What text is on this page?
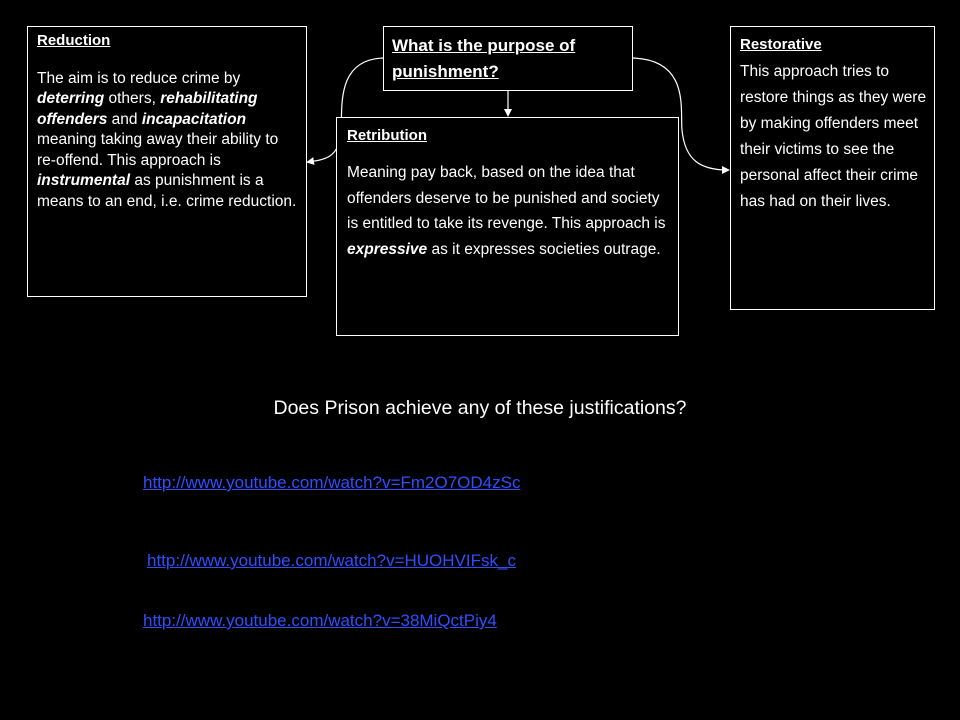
Reduction
The aim is to reduce crime by deterring others, rehabilitating offenders and incapacitation meaning taking away their ability to re-offend. This approach is instrumental as punishment is a means to an end, i.e. crime reduction.
What is the purpose of punishment?
Retribution
Meaning pay back, based on the idea that offenders deserve to be punished and society is entitled to take its revenge. This approach is expressive as it expresses societies outrage.
Restorative
This approach tries to restore things as they were by making offenders meet their victims to see the personal affect their crime has had on their lives.
Does Prison achieve any of these justifications?
http://www.youtube.com/watch?v=Fm2O7OD4zSc
http://www.youtube.com/watch?v=HUOHVIFsk_c
http://www.youtube.com/watch?v=38MiQctPiy4
